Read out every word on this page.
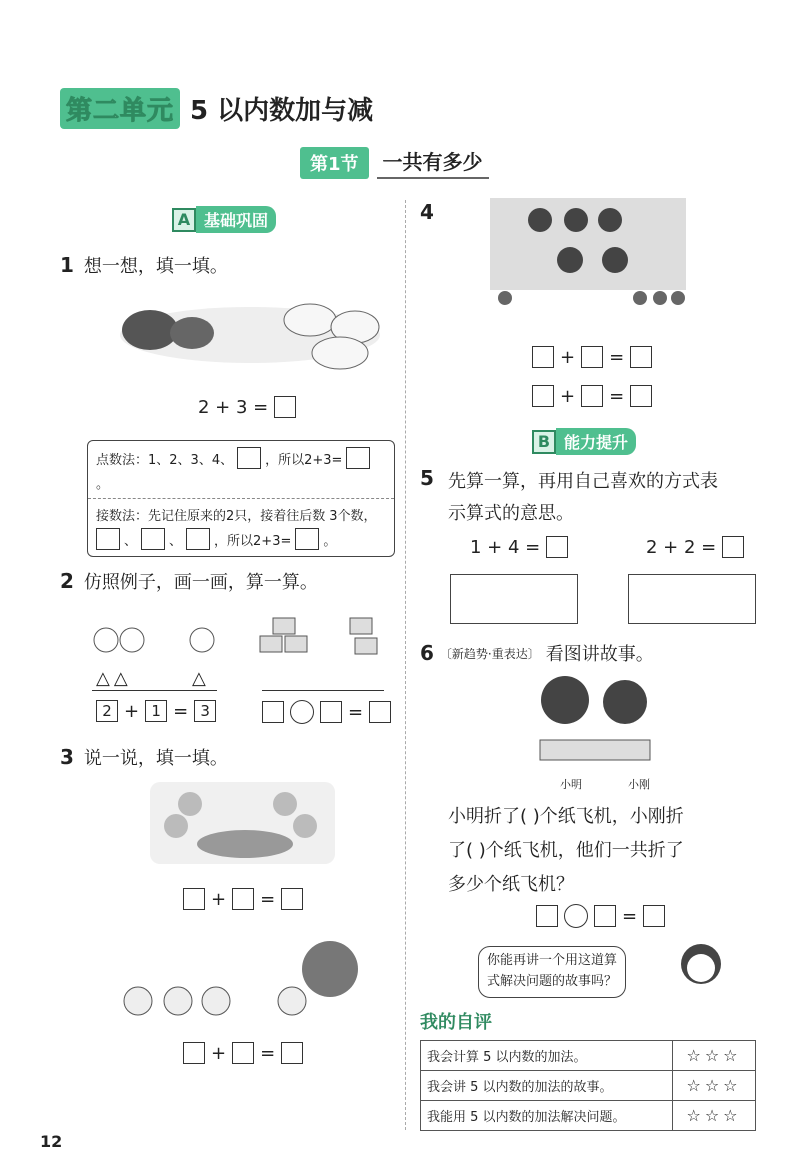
第二单元 5 以内数加与减
第1节	一共有多少
A 基础巩固
1 想一想，填一填。
2 + 3 =
点数法：1、2、3、4、 ，所以2+3=
。
接数法：先记住原来的2只，接着往后数 3个数，
、 、 ，所以2+3= 。
2 仿照例子，画一画，算一算。
△△	△
2 + 1 = 3	=
3 说一说，填一填。
+ =
+ =
4
+ =
+ =
B 能力提升
5 先算一算，再用自己喜欢的方式表
示算式的意思。
1 + 4 =	2 + 2 =
6 〔新趋势·重表达〕 看图讲故事。
小明	小刚
小明折了( )个纸飞机，小刚折
了( )个纸飞机，他们一共折了
多少个纸飞机？
=
你能再讲一个用这道算
式解决问题的故事吗？
我的自评
我会计算 5 以内数的加法。	☆☆☆
我会讲 5 以内数的加法的故事。	☆☆☆
我能用 5 以内数的加法解决问题。	☆☆☆
12
